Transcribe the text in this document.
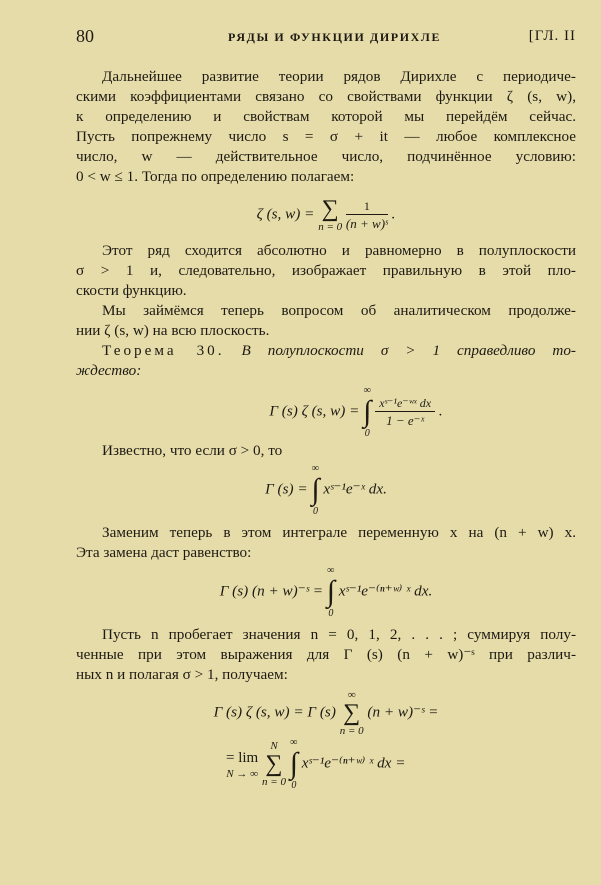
80	РЯДЫ И ФУНКЦИИ ДИРИХЛЕ	[ГЛ. II
Дальнейшее развитие теории рядов Дирихле с периодиче-
скими коэффициентами связано со свойствами функции ζ (s, w),
к определению и свойствам которой мы перейдём сейчас.
Пусть попрежнему число s = σ + it — любое комплексное
число, w — действительное число, подчинённое условию:
0 < w ≤ 1. Тогда по определению полагаем:
ζ (s, w) = ∑
$n = 0 \frac{1}{\text{(n + w)ˢ}}$ .
Этот ряд сходится абсолютно и равномерно в полуплоскости
σ > 1 и, следовательно, изображает правильную в этой пло-
скости функцию.
Мы займёмся теперь вопросом об аналитическом продолже-
нии ζ (s, w) на всю плоскость.
Теорема 30. В полуплоскости σ > 1 справедливо то-
ждество:
Γ (s) ζ (s, w) = ∞
∫
0
$\frac{\text{xˢ⁻¹e⁻ʷˣ dx}}{\text{1 − e⁻ˣ}}$ .
Известно, что если σ > 0, то
Γ (s) = ∞
∫
0 xˢ⁻¹e⁻ˣ dx.
Заменим теперь в этом интеграле переменную x на (n + w) x.
Эта замена даст равенство:
Γ (s) (n + w)⁻ˢ = ∞
∫
0 xˢ⁻¹e⁻⁽ⁿ⁺ʷ⁾ ˣ dx.
Пусть n пробегает значения n = 0, 1, 2, . . . ; суммируя полу-
ченные при этом выражения для Γ (s) (n + w)⁻ˢ при различ-
ных n и полагая σ > 1, получаем:
Γ (s) ζ (s, w) = Γ (s) ∞
∑
n = 0 (n + w)⁻ˢ =
= lim
N → ∞ N
∑
n = 0 ∞
∫
0 xˢ⁻¹e⁻⁽ⁿ⁺ʷ⁾ ˣ dx =
